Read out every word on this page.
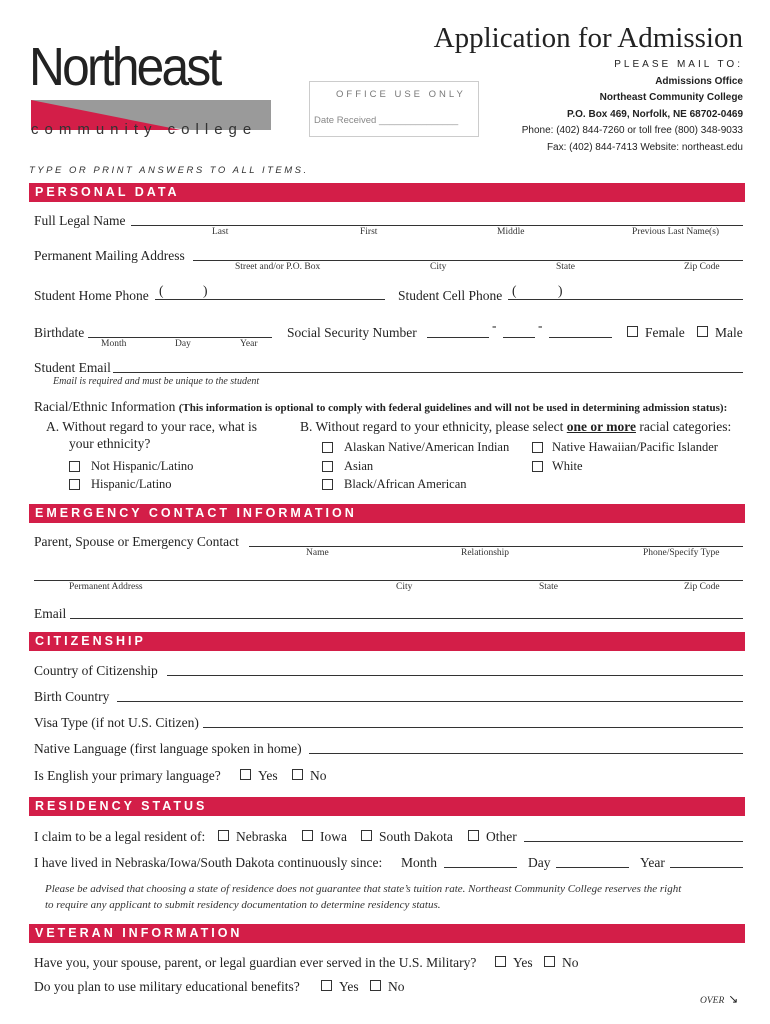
Northeast
community college
OFFICE USE ONLY
Date Received _______________
Application for Admission
PLEASE MAIL TO:
Admissions Office
Northeast Community College
P.O. Box 469, Norfolk, NE 68702-0469
Phone: (402) 844-7260 or toll free (800) 348-9033
Fax: (402) 844-7413 Website: northeast.edu
TYPE OR PRINT ANSWERS TO ALL ITEMS.
PERSONAL DATA
Full Legal Name
Last	First	Middle	Previous Last Name(s)
Permanent Mailing Address
Street and/or P.O. Box	City	State	Zip Code
Student Home Phone (	)	Student Cell Phone (	)
Birthdate
Month	Day	Year
Social Security Number	-	-	Female Male
Student Email
Email is required and must be unique to the student
Racial/Ethnic Information (This information is optional to comply with federal guidelines and will not be used in determining admission status):
A. Without regard to your race, what is
your ethnicity?
Not Hispanic/Latino
Hispanic/Latino
B. Without regard to your ethnicity, please select one or more racial categories:
Alaskan Native/American Indian
Asian
Black/African American
Native Hawaiian/Pacific Islander
White
EMERGENCY CONTACT INFORMATION
Parent, Spouse or Emergency Contact
Name	Relationship	Phone/Specify Type
Permanent Address	City	State	Zip Code
Email
CITIZENSHIP
Country of Citizenship
Birth Country
Visa Type (if not U.S. Citizen)
Native Language (first language spoken in home)
Is English your primary language?	Yes No
RESIDENCY STATUS
I claim to be a legal resident of: Nebraska Iowa South Dakota Other
I have lived in Nebraska/Iowa/South Dakota continuously since: Month	Day	Year
Please be advised that choosing a state of residence does not guarantee that state’s tuition rate. Northeast Community College reserves the right
to require any applicant to submit residency documentation to determine residency status.
VETERAN INFORMATION
Have you, your spouse, parent, or legal guardian ever served in the U.S. Military?	Yes No
Do you plan to use military educational benefits?	Yes No
OVER ↘
